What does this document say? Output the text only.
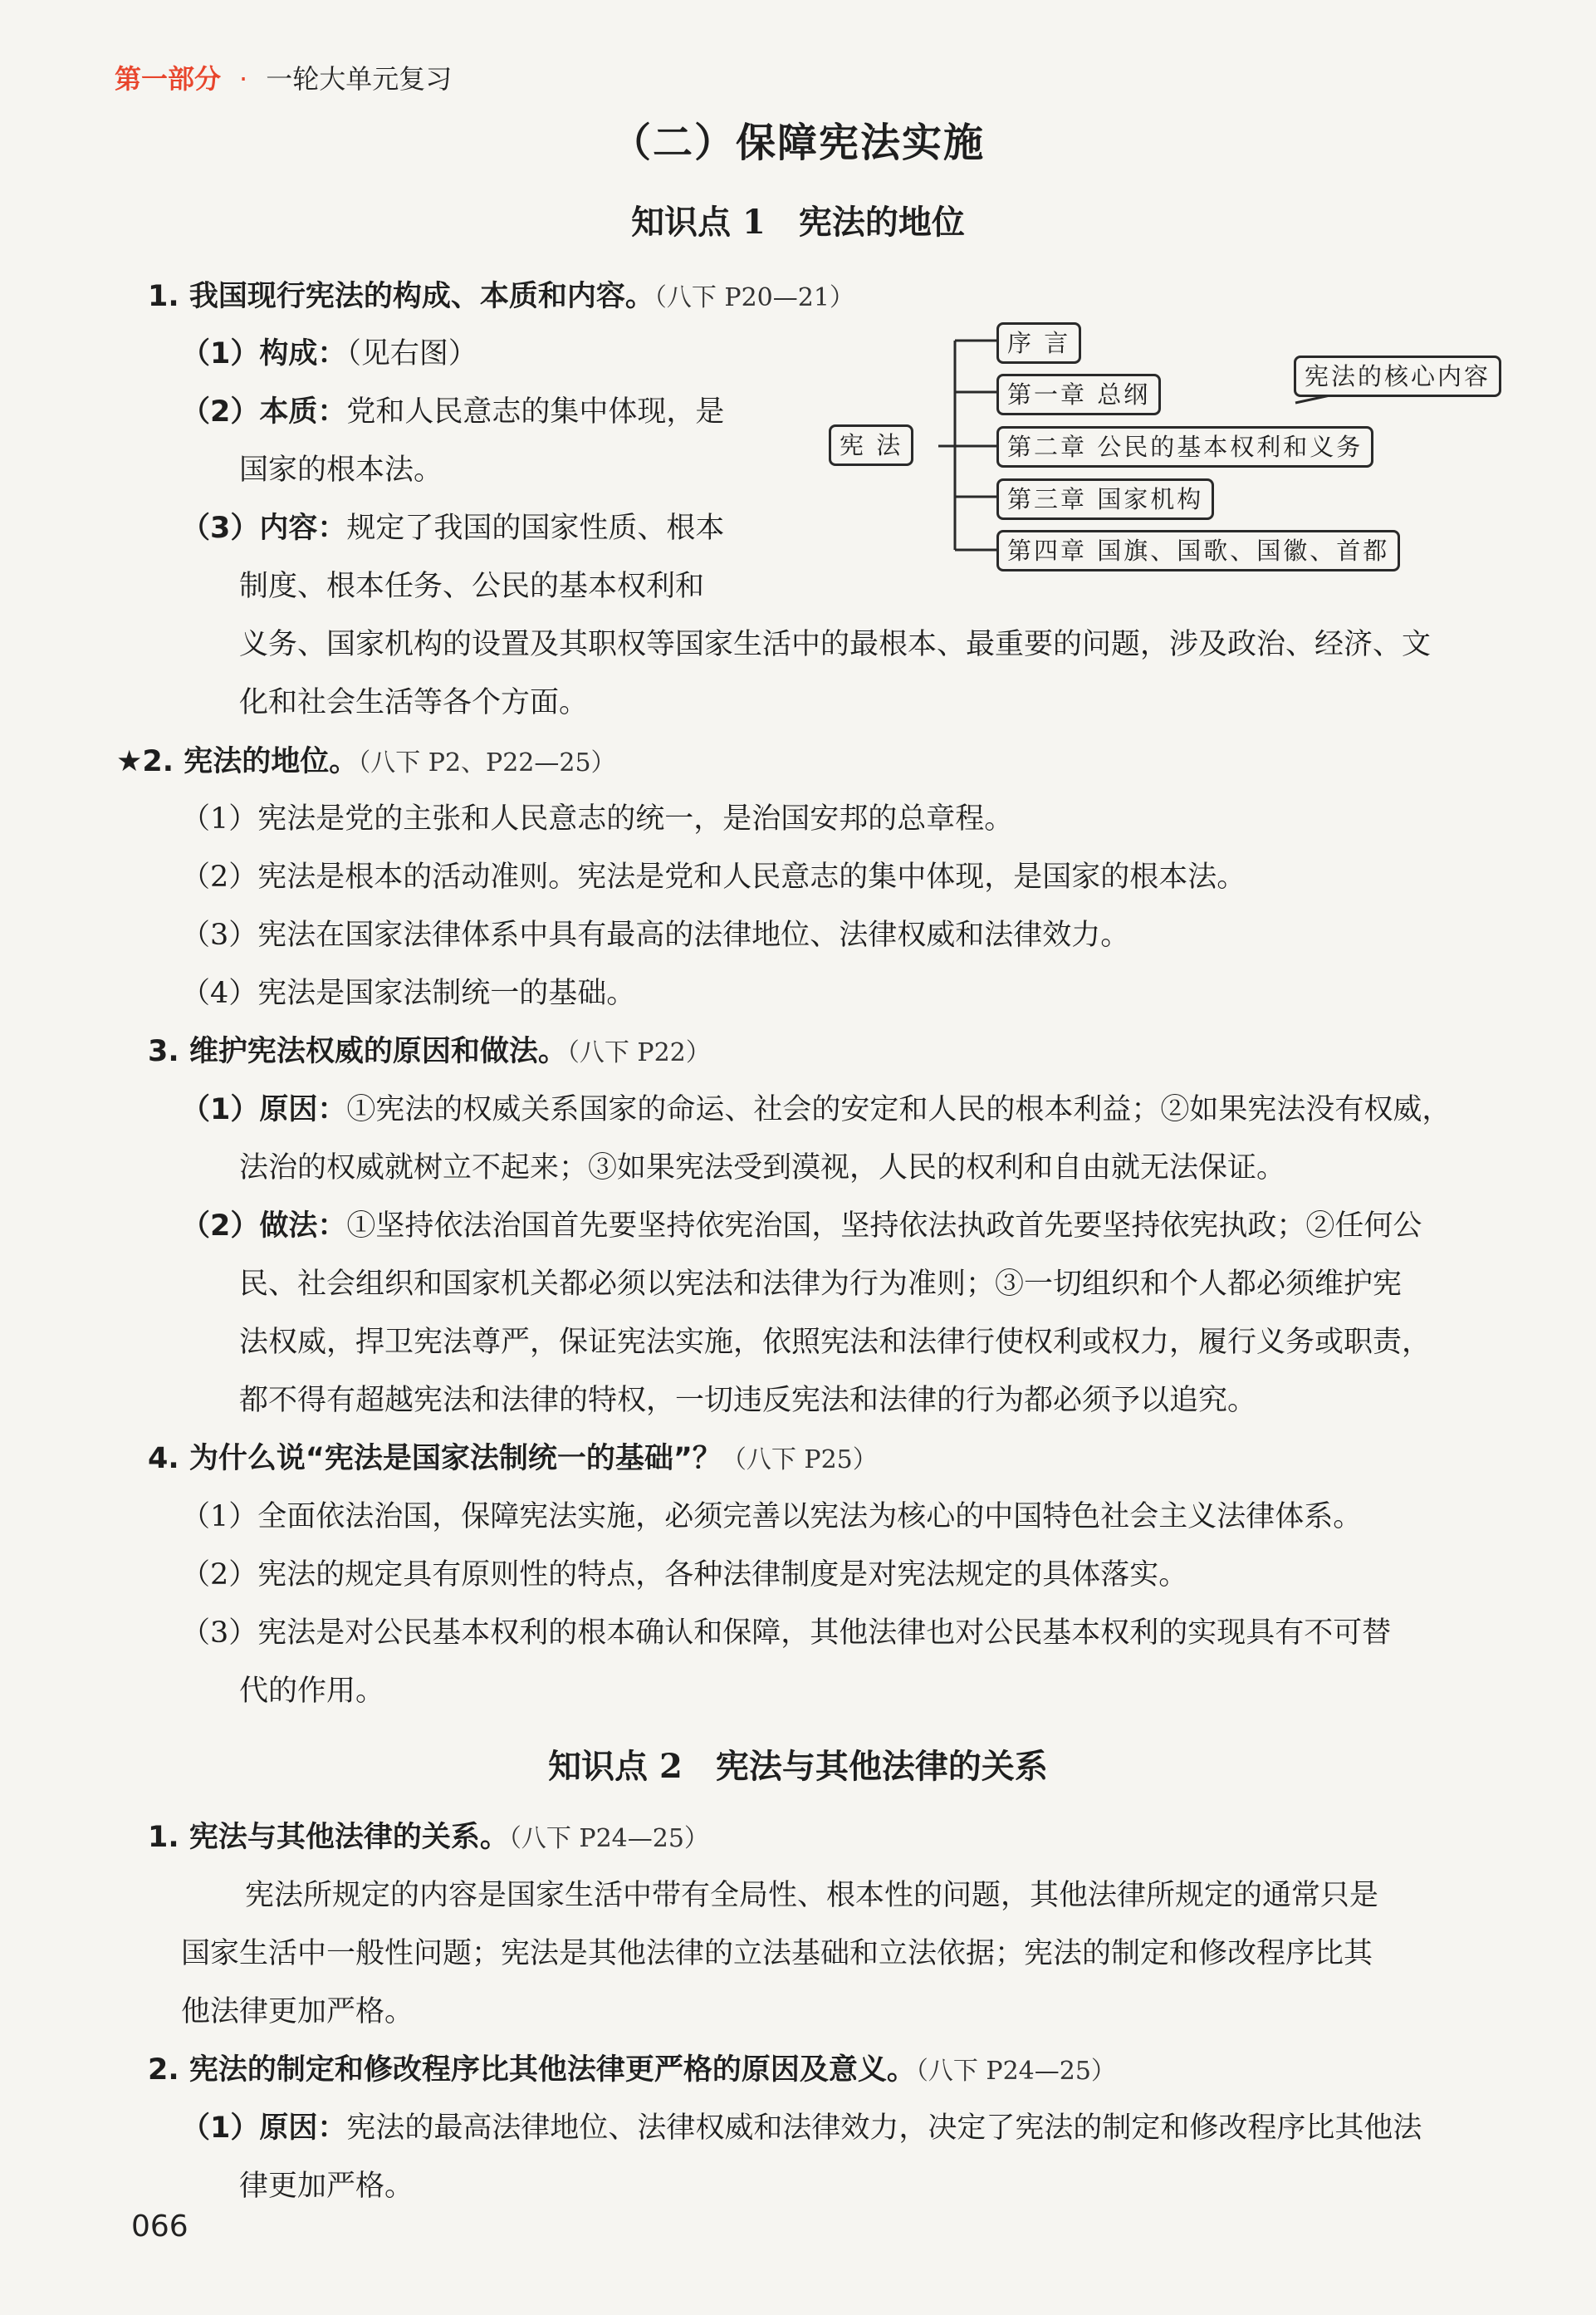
第一部分 · 一轮大单元复习
（二）保障宪法实施
知识点 1 宪法的地位
1. 我国现行宪法的构成、本质和内容。（八下 P20—21）
（1）构成：（见右图）
（2）本质：党和人民意志的集中体现，是
国家的根本法。
（3）内容：规定了我国的国家性质、根本
制度、根本任务、公民的基本权利和
义务、国家机构的设置及其职权等国家生活中的最根本、最重要的问题，涉及政治、经济、文
化和社会生活等各个方面。
宪 法
序 言
第一章 总纲
第二章 公民的基本权利和义务
第三章 国家机构
第四章 国旗、国歌、国徽、首都
宪法的核心内容
★2. 宪法的地位。（八下 P2、P22—25）
（1）宪法是党的主张和人民意志的统一，是治国安邦的总章程。
（2）宪法是根本的活动准则。宪法是党和人民意志的集中体现，是国家的根本法。
（3）宪法在国家法律体系中具有最高的法律地位、法律权威和法律效力。
（4）宪法是国家法制统一的基础。
3. 维护宪法权威的原因和做法。（八下 P22）
（1）原因：①宪法的权威关系国家的命运、社会的安定和人民的根本利益；②如果宪法没有权威，
法治的权威就树立不起来；③如果宪法受到漠视，人民的权利和自由就无法保证。
（2）做法：①坚持依法治国首先要坚持依宪治国，坚持依法执政首先要坚持依宪执政；②任何公
民、社会组织和国家机关都必须以宪法和法律为行为准则；③一切组织和个人都必须维护宪
法权威，捍卫宪法尊严，保证宪法实施，依照宪法和法律行使权利或权力，履行义务或职责，
都不得有超越宪法和法律的特权，一切违反宪法和法律的行为都必须予以追究。
4. 为什么说“宪法是国家法制统一的基础”？（八下 P25）
（1）全面依法治国，保障宪法实施，必须完善以宪法为核心的中国特色社会主义法律体系。
（2）宪法的规定具有原则性的特点，各种法律制度是对宪法规定的具体落实。
（3）宪法是对公民基本权利的根本确认和保障，其他法律也对公民基本权利的实现具有不可替
代的作用。
知识点 2 宪法与其他法律的关系
1. 宪法与其他法律的关系。（八下 P24—25）
宪法所规定的内容是国家生活中带有全局性、根本性的问题，其他法律所规定的通常只是
国家生活中一般性问题；宪法是其他法律的立法基础和立法依据；宪法的制定和修改程序比其
他法律更加严格。
2. 宪法的制定和修改程序比其他法律更严格的原因及意义。（八下 P24—25）
（1）原因：宪法的最高法律地位、法律权威和法律效力，决定了宪法的制定和修改程序比其他法
律更加严格。
066
